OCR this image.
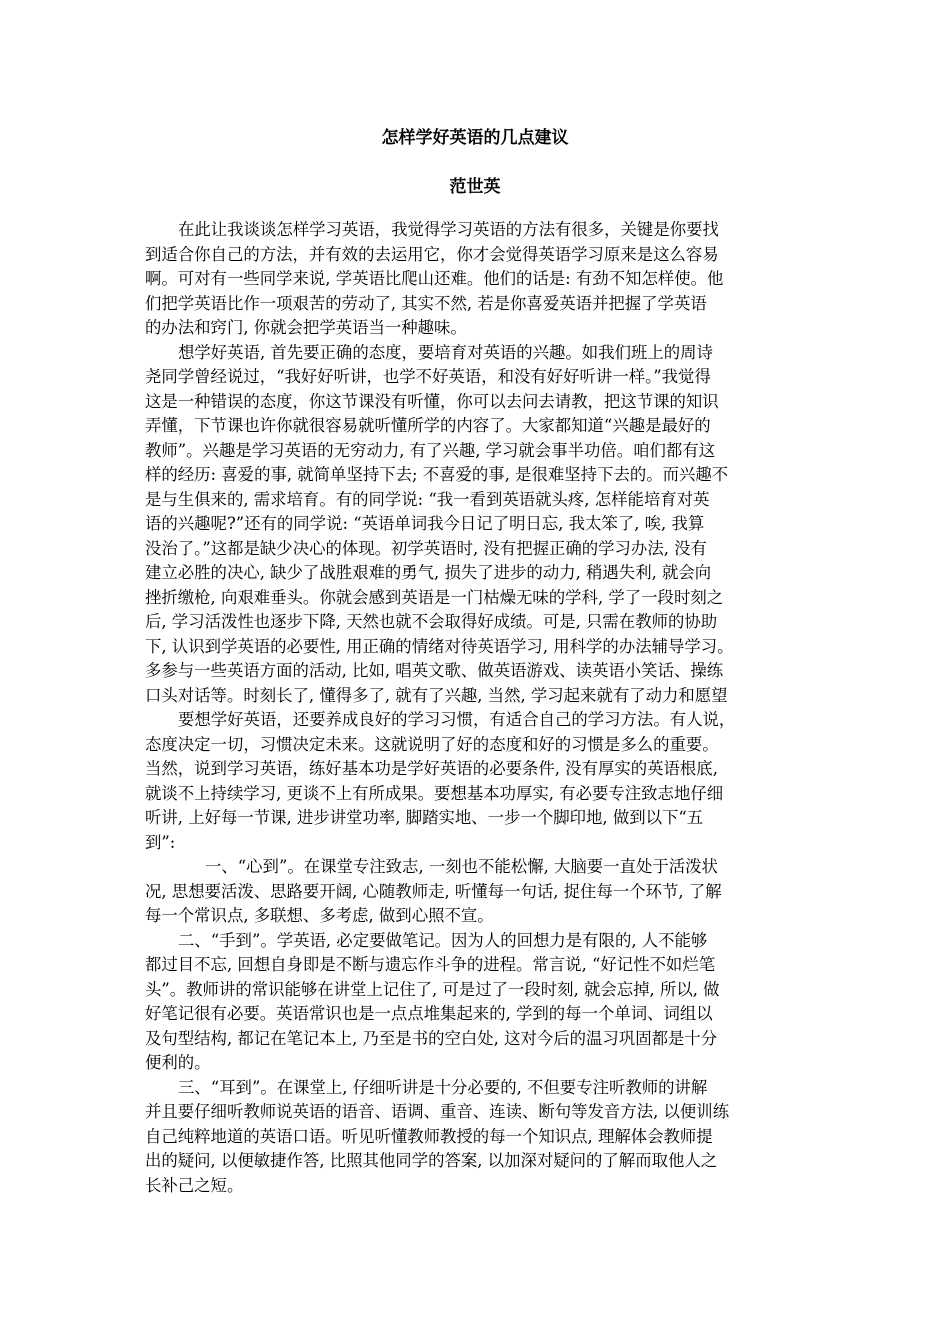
怎样学好英语的几点建议
范世英
在此让我谈谈怎样学习英语，我觉得学习英语的方法有很多，关键是你要找
到适合你自己的方法，并有效的去运用它，你才会觉得英语学习原来是这么容易
啊。可对有一些同学来说, 学英语比爬山还难。他们的话是: 有劲不知怎样使。他
们把学英语比作一项艰苦的劳动了, 其实不然, 若是你喜爱英语并把握了学英语
的办法和窍门, 你就会把学英语当一种趣味。
想学好英语, 首先要正确的态度，要培育对英语的兴趣。如我们班上的周诗
尧同学曾经说过，“我好好听讲，也学不好英语，和没有好好听讲一样。”我觉得
这是一种错误的态度，你这节课没有听懂，你可以去问去请教，把这节课的知识
弄懂，下节课也许你就很容易就听懂所学的内容了。大家都知道“兴趣是最好的
教师”。兴趣是学习英语的无穷动力, 有了兴趣, 学习就会事半功倍。咱们都有这
样的经历: 喜爱的事, 就简单坚持下去; 不喜爱的事, 是很难坚持下去的。而兴趣不
是与生俱来的, 需求培育。有的同学说: “我一看到英语就头疼, 怎样能培育对英
语的兴趣呢?”还有的同学说: “英语单词我今日记了明日忘, 我太笨了, 唉, 我算
没治了。”这都是缺少决心的体现。初学英语时, 没有把握正确的学习办法, 没有
建立必胜的决心, 缺少了战胜艰难的勇气, 损失了进步的动力, 稍遇失利, 就会向
挫折缴枪, 向艰难垂头。你就会感到英语是一门枯燥无味的学科, 学了一段时刻之
后, 学习活泼性也逐步下降, 天然也就不会取得好成绩。可是, 只需在教师的协助
下, 认识到学英语的必要性, 用正确的情绪对待英语学习, 用科学的办法辅导学习。
多参与一些英语方面的活动, 比如, 唱英文歌、做英语游戏、读英语小笑话、操练
口头对话等。时刻长了, 懂得多了, 就有了兴趣, 当然, 学习起来就有了动力和愿望
要想学好英语，还要养成良好的学习习惯，有适合自己的学习方法。有人说，
态度决定一切，习惯决定未来。这就说明了好的态度和好的习惯是多么的重要。
当然，说到学习英语，练好基本功是学好英语的必要条件, 没有厚实的英语根底,
就谈不上持续学习, 更谈不上有所成果。要想基本功厚实, 有必要专注致志地仔细
听讲, 上好每一节课, 进步讲堂功率, 脚踏实地、一步一个脚印地, 做到以下“五
到”:
一、“心到”。在课堂专注致志, 一刻也不能松懈, 大脑要一直处于活泼状
况, 思想要活泼、思路要开阔, 心随教师走, 听懂每一句话, 捉住每一个环节, 了解
每一个常识点, 多联想、多考虑, 做到心照不宣。
二、“手到”。学英语, 必定要做笔记。因为人的回想力是有限的, 人不能够
都过目不忘, 回想自身即是不断与遗忘作斗争的进程。常言说, “好记性不如烂笔
头”。教师讲的常识能够在讲堂上记住了, 可是过了一段时刻, 就会忘掉, 所以, 做
好笔记很有必要。英语常识也是一点点堆集起来的, 学到的每一个单词、词组以
及句型结构, 都记在笔记本上, 乃至是书的空白处, 这对今后的温习巩固都是十分
便利的。
三、“耳到”。在课堂上, 仔细听讲是十分必要的, 不但要专注听教师的讲解
并且要仔细听教师说英语的语音、语调、重音、连读、断句等发音方法, 以便训练
自己纯粹地道的英语口语。听见听懂教师教授的每一个知识点, 理解体会教师提
出的疑问, 以便敏捷作答, 比照其他同学的答案, 以加深对疑问的了解而取他人之
长补己之短。
